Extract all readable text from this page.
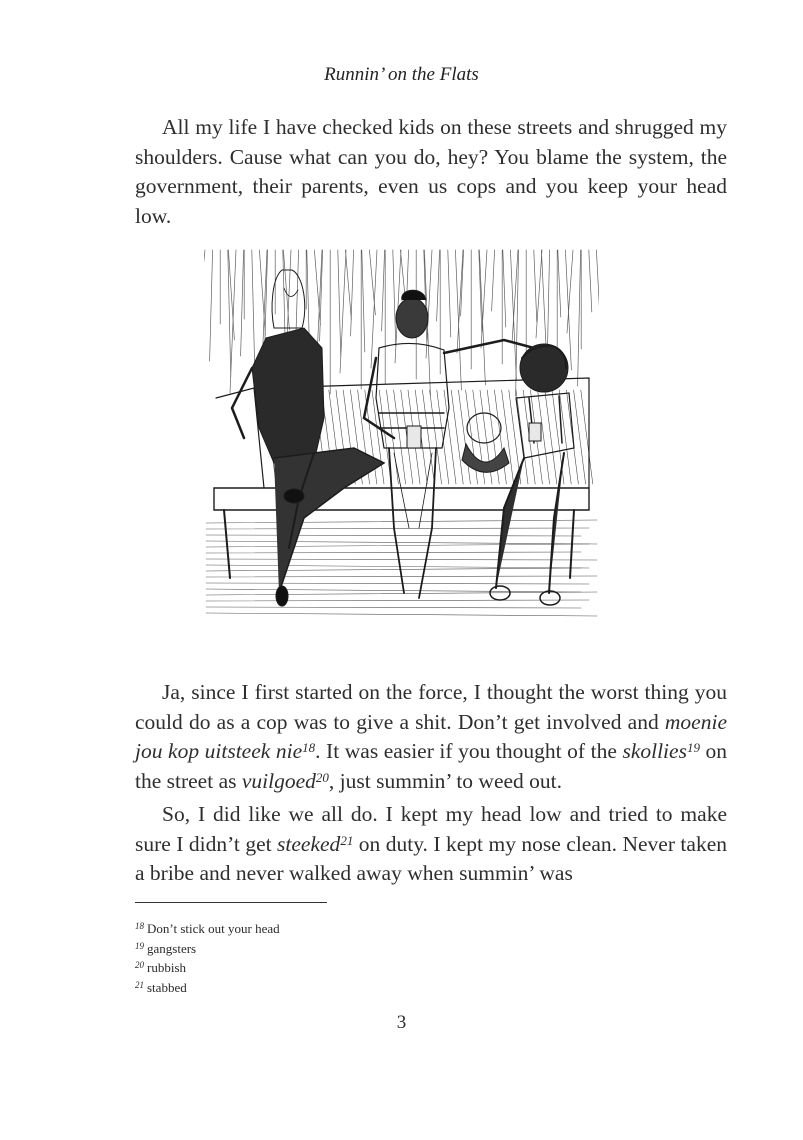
Runnin’ on the Flats

All my life I have checked kids on these streets and shrugged my shoulders. Cause what can you do, hey? You blame the system, the government, their parents, even us cops and you keep your head low.

Ja, since I first started on the force, I thought the worst thing you could do as a cop was to give a shit. Don’t get involved and moenie jou kop uitsteek nie$^{18}$. It was easier if you thought of the skollies$^{19}$ on the street as vuilgoed$^{20}$, just summin’ to weed out.

So, I did like we all do. I kept my head low and tried to make sure I didn’t get steeked$^{21}$ on duty. I kept my nose clean. Never taken a bribe and never walked away when summin’ was

$^{18}$ Don’t stick out your head
$^{19}$ gangsters
$^{20}$ rubbish
$^{21}$ stabbed
3
